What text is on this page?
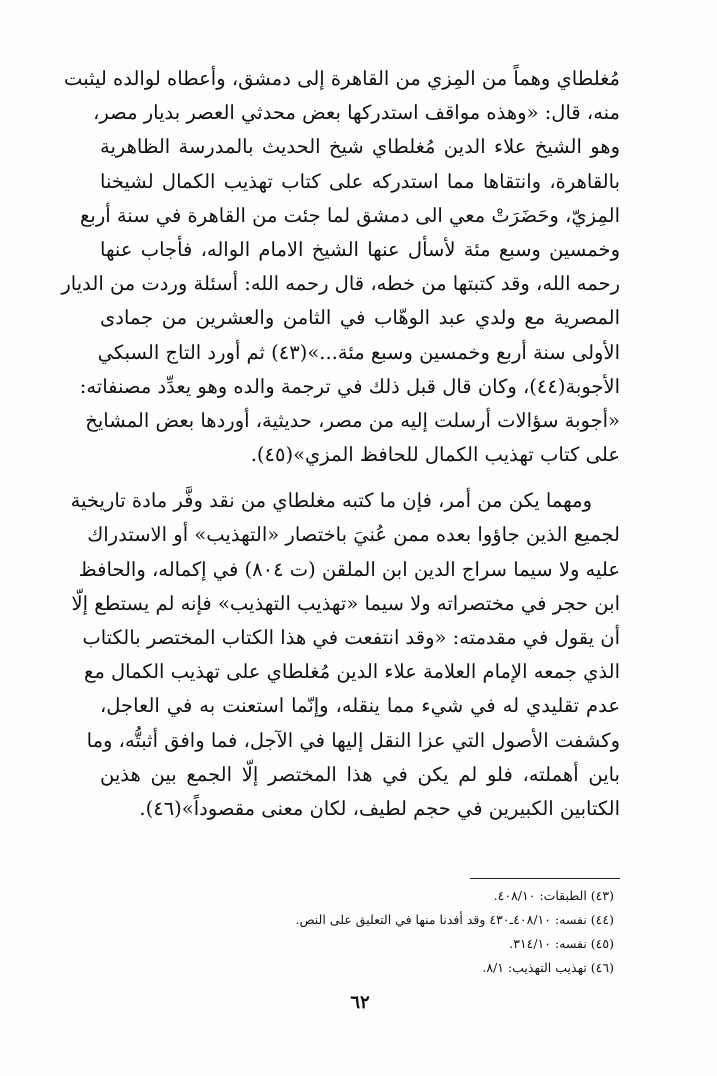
مُغلطاي وهماً من المِزي من القاهرة إلى دمشق، وأعطاه لوالده ليثبت
منه، قال: «وهذه مواقف استدركها بعض محدثي العصر بديار مصر،
وهو الشيخ علاء الدين مُغلطاي شيخ الحديث بالمدرسة الظاهرية
بالقاهرة، وانتقاها مما استدركه على كتاب تهذيب الكمال لشيخنا
المِزيّ، وحَضَرَتْ معي الى دمشق لما جئت من القاهرة في سنة أربع
وخمسين وسبع مئة لأسأل عنها الشيخ الامام الواله، فأجاب عنها
رحمه الله، وقد كتبتها من خطه، قال رحمه الله: أسئلة وردت من الديار
المصرية مع ولدي عبد الوهّاب في الثامن والعشرين من جمادى
الأولى سنة أربع وخمسين وسبع مئة...»(٤٣) ثم أورد التاج السبكي
الأجوبة(٤٤)، وكان قال قبل ذلك في ترجمة والده وهو يعدِّد مصنفاته:
«أجوبة سؤالات أرسلت إليه من مصر، حديثية، أوردها بعض المشايخ
على كتاب تهذيب الكمال للحافظ المزي»(٤٥).
ومهما يكن من أمر، فإن ما كتبه مغلطاي من نقد وفَّر مادة تاريخية
لجميع الذين جاؤوا بعده ممن عُنيَ باختصار «التهذيب» أو الاستدراك
عليه ولا سيما سراج الدين ابن الملقن (ت ٨٠٤) في إكماله، والحافظ
ابن حجر في مختصراته ولا سيما «تهذيب التهذيب» فإنه لم يستطع إلّا
أن يقول في مقدمته: «وقد انتفعت في هذا الكتاب المختصر بالكتاب
الذي جمعه الإمام العلامة علاء الدين مُغلطاي على تهذيب الكمال مع
عدم تقليدي له في شيء مما ينقله، وإنّما استعنت به في العاجل،
وكشفت الأصول التي عزا النقل إليها في الآجل، فما وافق أثبتُّه، وما
باين أهملته، فلو لم يكن في هذا المختصر إلّا الجمع بين هذين
الكتابين الكبيرين في حجم لطيف، لكان معنى مقصوداً»(٤٦).
(٤٣) الطبقات: ٤٠٨/١٠.
(٤٤) نفسه: ٤٠٨/١٠ـ٤٣٠ وقد أفدنا منها في التعليق على النص.
(٤٥) نفسه: ٣١٤/١٠.
(٤٦) تهذيب التهذيب: ٨/١.
٦٢
